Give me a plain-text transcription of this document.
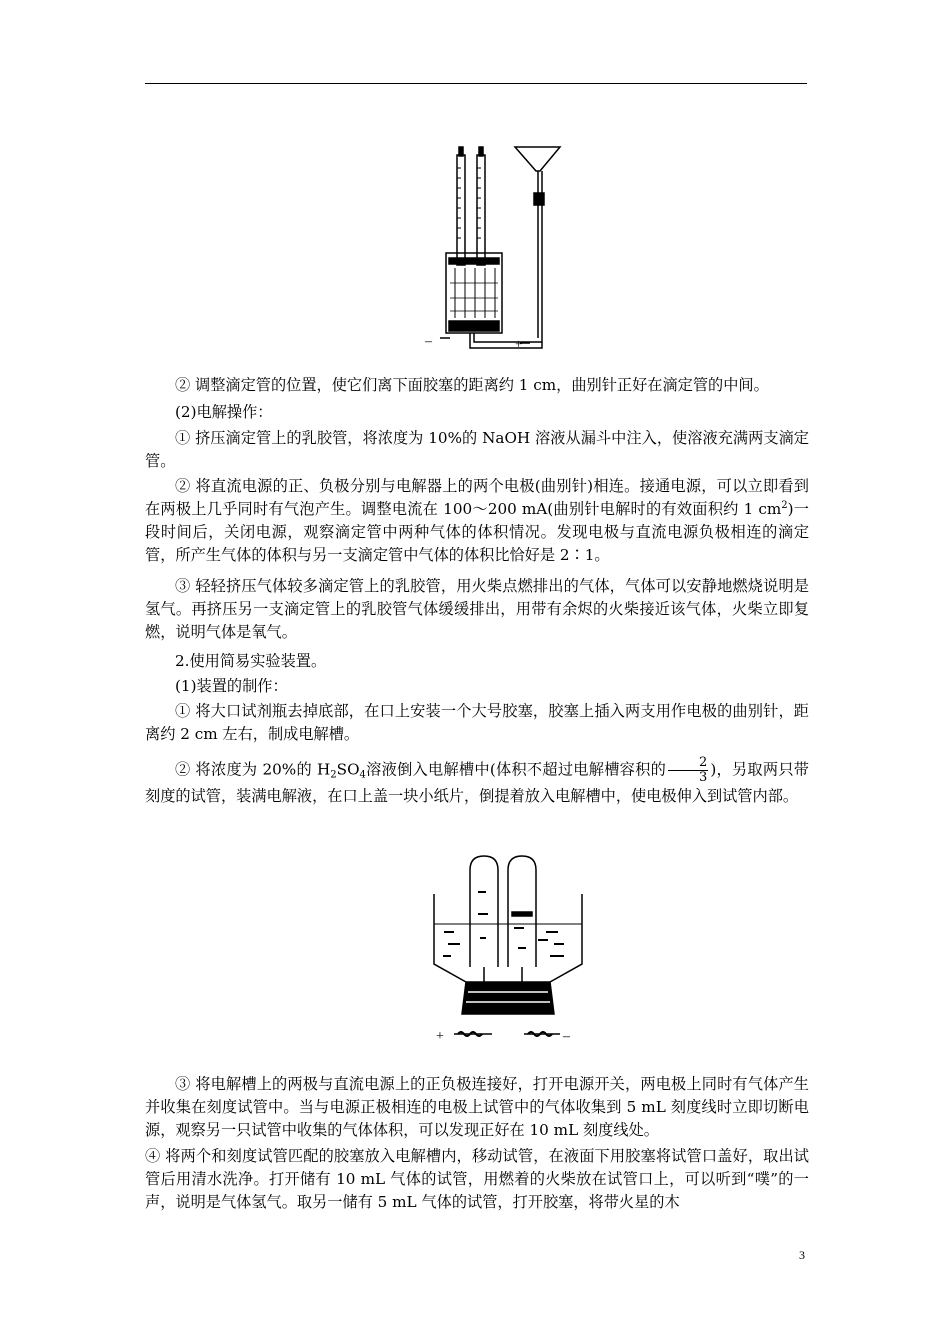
–	+

② 调整滴定管的位置，使它们离下面胶塞的距离约 1 cm，曲别针正好在滴定管的中间。

(2)电解操作：

① 挤压滴定管上的乳胶管，将浓度为 10%的 NaOH 溶液从漏斗中注入，使溶液充满两支滴定管。

② 将直流电源的正、负极分别与电解器上的两个电极(曲别针)相连。接通电源，可以立即看到在两极上几乎同时有气泡产生。调整电流在 100～200 mA(曲别针电解时的有效面积约 1 $cm^2$)一段时间后，关闭电源，观察滴定管中两种气体的体积情况。发现电极与直流电源负极相连的滴定管，所产生气体的体积与另一支滴定管中气体的体积比恰好是 2∶1。

③ 轻轻挤压气体较多滴定管上的乳胶管，用火柴点燃排出的气体，气体可以安静地燃烧说明是氢气。再挤压另一支滴定管上的乳胶管气体缓缓排出，用带有余烬的火柴接近该气体，火柴立即复燃，说明气体是氧气。

2.使用简易实验装置。

(1)装置的制作：

① 将大口试剂瓶去掉底部，在口上安装一个大号胶塞，胶塞上插入两支用作电极的曲别针，距离约 2 cm 左右，制成电解槽。

② 将浓度为 20%的 $H_2SO_4$溶液倒入电解槽中(体积不超过电解槽容积的 $\frac{2}{3}$ )，另取两只带刻度的试管，装满电解液，在口上盖一块小纸片，倒提着放入电解槽中，使电极伸入到试管内部。

+	–

③ 将电解槽上的两极与直流电源上的正负极连接好，打开电源开关，两电极上同时有气体产生并收集在刻度试管中。当与电源正极相连的电极上试管中的气体收集到 5 mL 刻度线时立即切断电源，观察另一只试管中收集的气体体积，可以发现正好在 10 mL 刻度线处。

④ 将两个和刻度试管匹配的胶塞放入电解槽内，移动试管，在液面下用胶塞将试管口盖好，取出试管后用清水洗净。打开储有 10 mL 气体的试管，用燃着的火柴放在试管口上，可以听到“噗”的一声，说明是气体氢气。取另一储有 5 mL 气体的试管，打开胶塞，将带火星的木

3
